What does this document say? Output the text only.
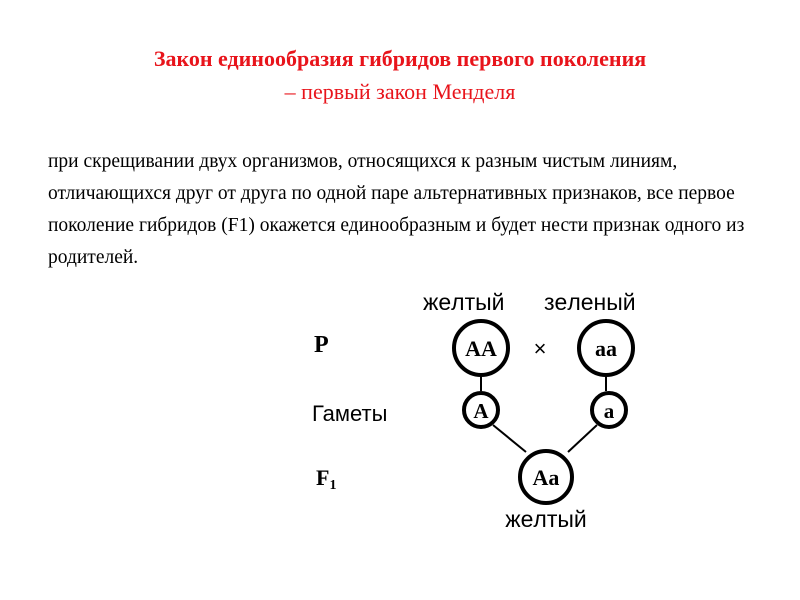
Закон единообразия гибридов первого поколения
– первый закон Менделя

при скрещивании двух организмов, относящихся к разным чистым линиям, отличающихся друг от друга по одной паре альтернативных признаков, все первое поколение гибридов (F1) окажется единообразным и будет нести признак одного из родителей.

P
Гаметы
F1
жeлтый зeлeный
AA × aa
A	a
Aa
жeлтый
